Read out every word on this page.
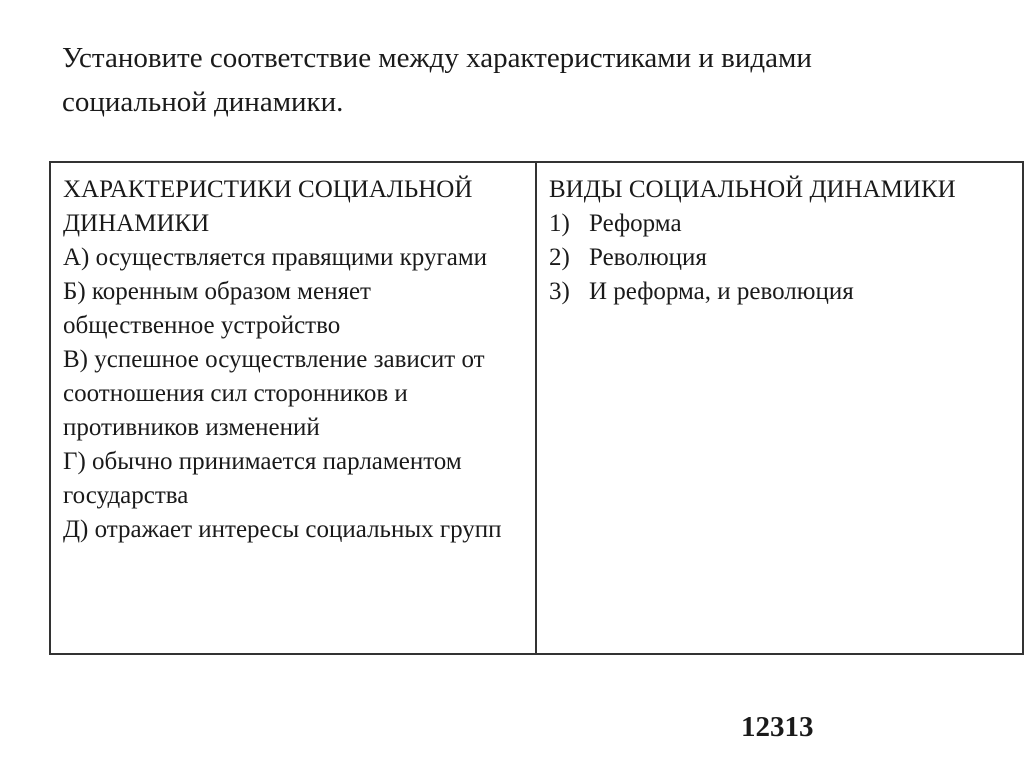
Установите соответствие между характеристиками и видами социальной динамики.
ХАРАКТЕРИСТИКИ СОЦИАЛЬНОЙ ДИНАМИКИ
А) осуществляется правящими кругами
Б) коренным образом меняет общественное устройство
В) успешное осуществление зависит от соотношения сил сторонников и противников изменений
Г) обычно принимается парламентом государства
Д) отражает интересы социальных групп

ВИДЫ СОЦИАЛЬНОЙ ДИНАМИКИ
1) Реформа
2) Революция
3) И реформа, и революция
12313
